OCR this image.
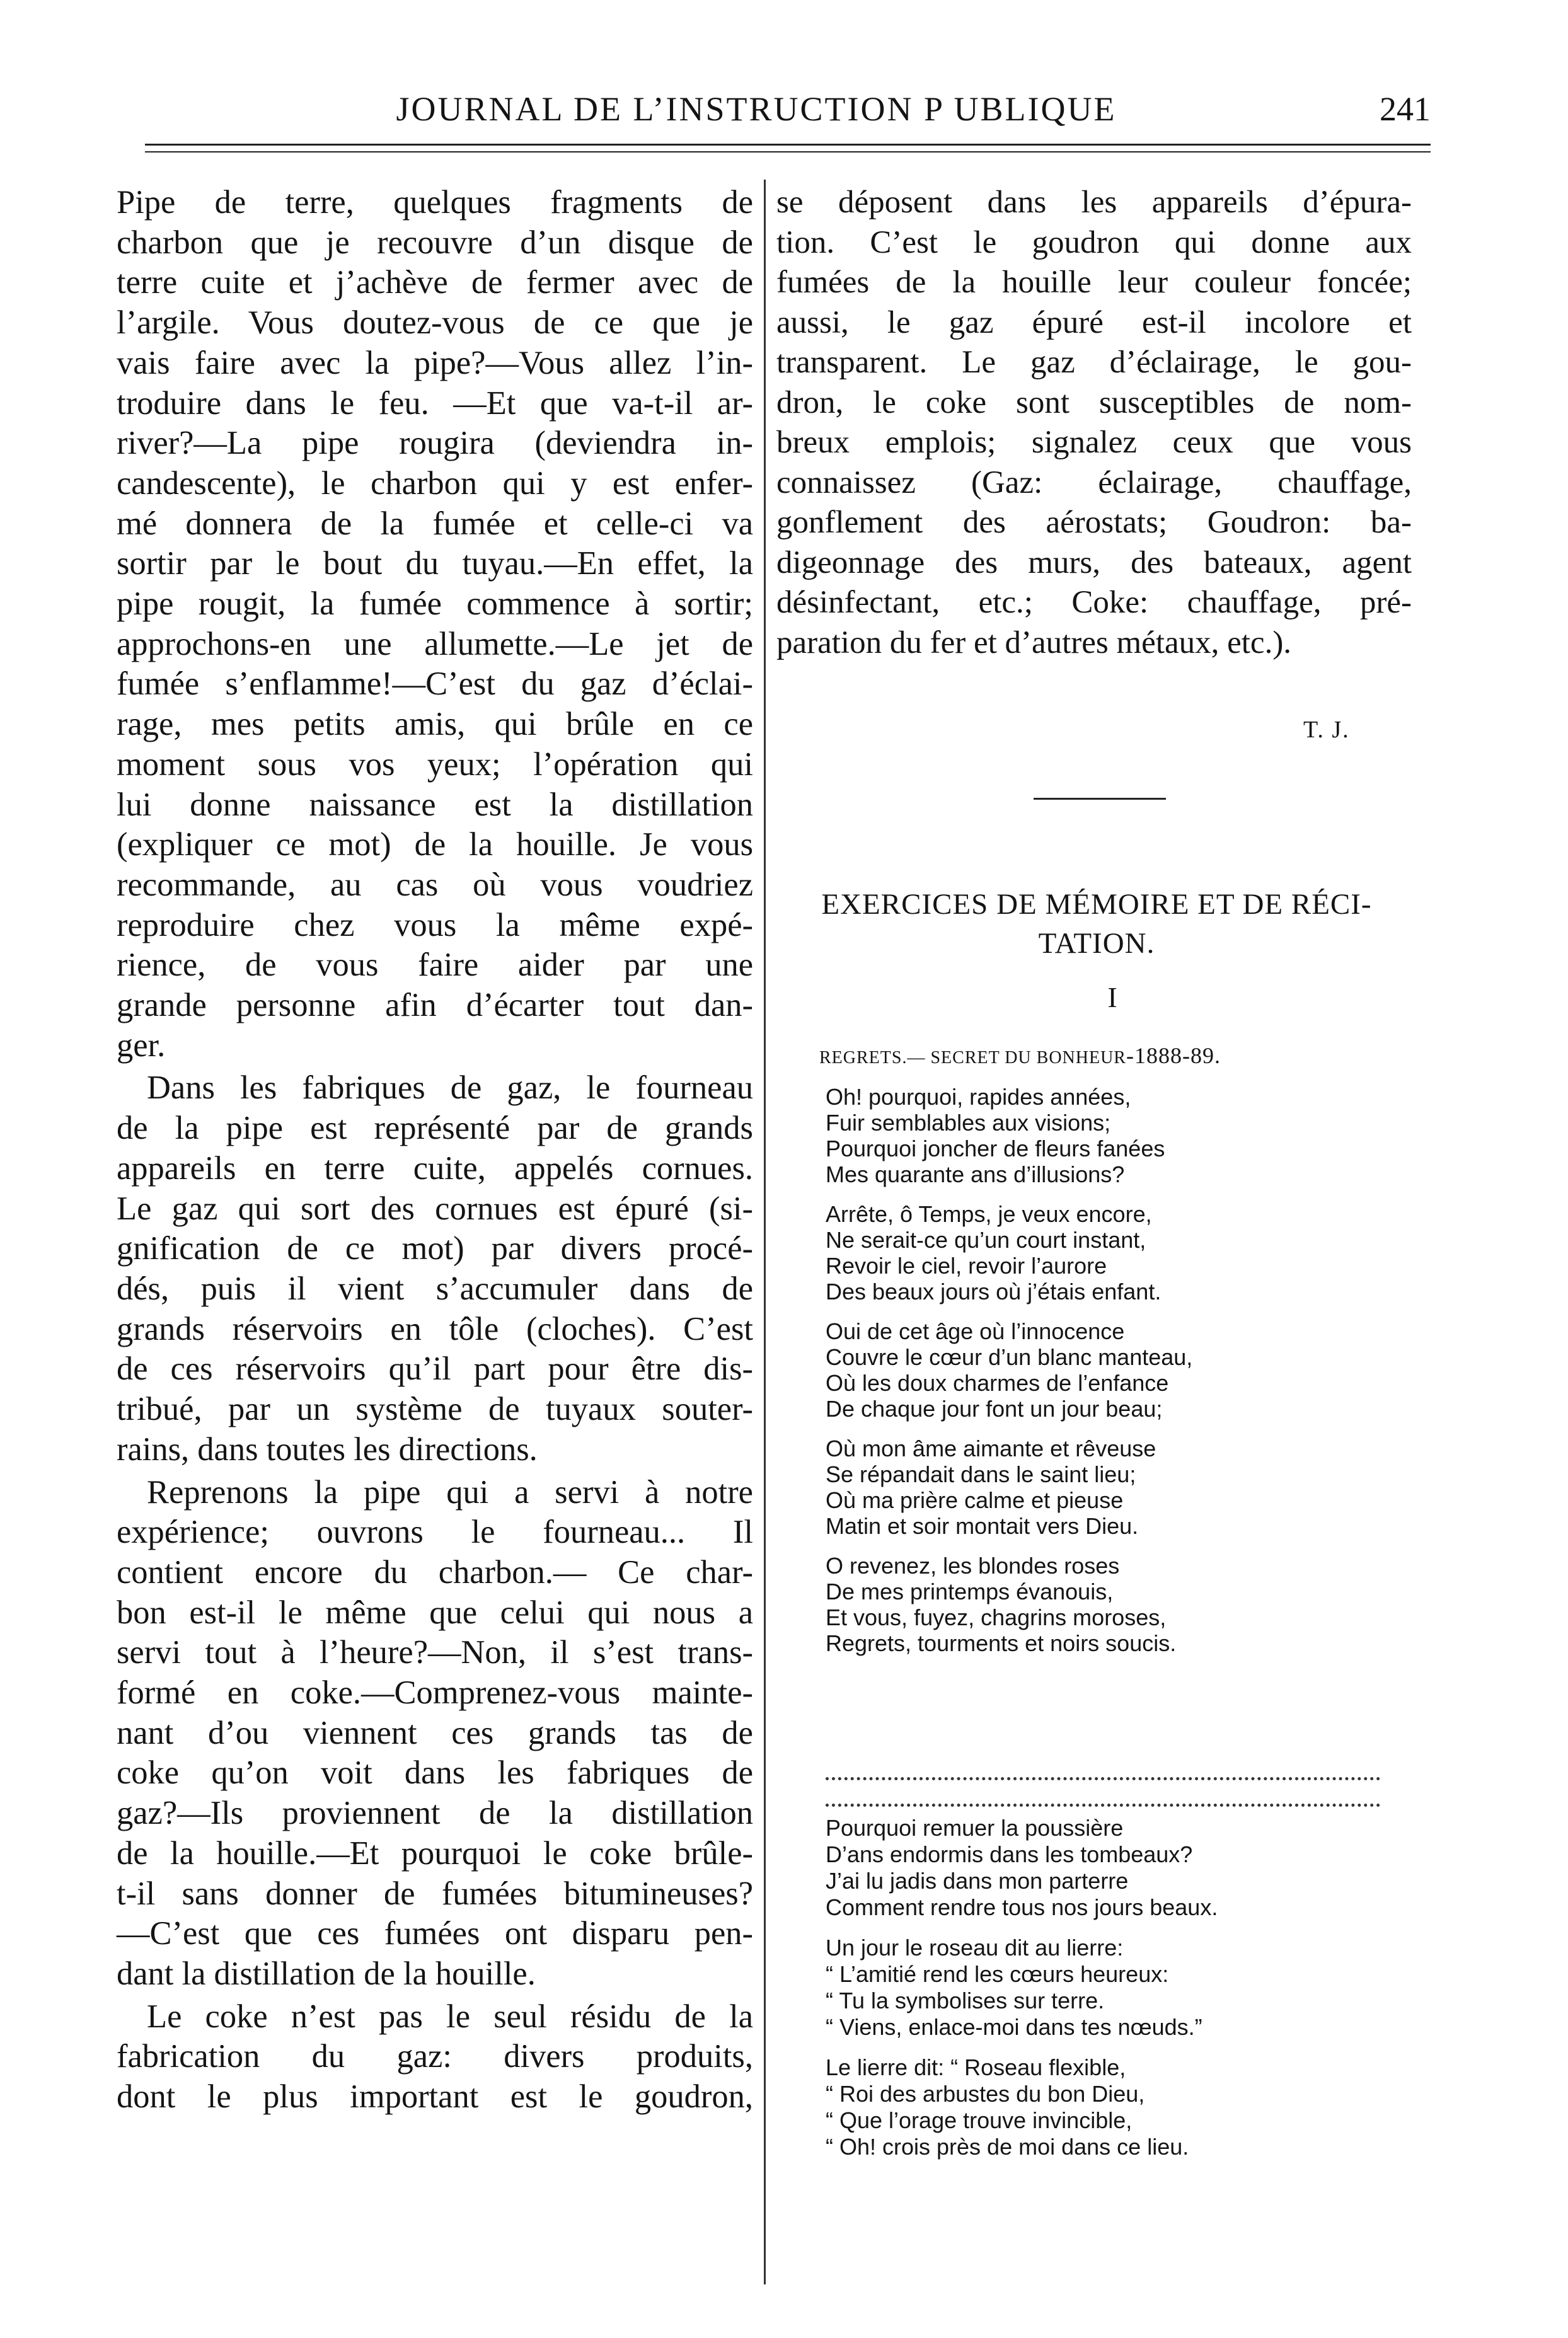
JOURNAL DE L’INSTRUCTION P UBLIQUE	241

Pipe de terre, quelques fragments de

charbon que je recouvre d’un disque de

terre cuite et j’achève de fermer avec de

l’argile. Vous doutez-vous de ce que je

vais faire avec la pipe?—Vous allez l’in-

troduire dans le feu. —Et que va-t-il ar-

river?—La pipe rougira (deviendra in-

candescente), le charbon qui y est enfer-

mé donnera de la fumée et celle-ci va

sortir par le bout du tuyau.—En effet, la

pipe rougit, la fumée commence à sortir;

approchons-en une allumette.—Le jet de

fumée s’enflamme!—C’est du gaz d’éclai-

rage, mes petits amis, qui brûle en ce

moment sous vos yeux; l’opération qui

lui donne naissance est la distillation

(expliquer ce mot) de la houille. Je vous

recommande, au cas où vous voudriez

reproduire chez vous la même expé-

rience, de vous faire aider par une

grande personne afin d’écarter tout dan-

ger.

Dans les fabriques de gaz, le fourneau

de la pipe est représenté par de grands

appareils en terre cuite, appelés cornues.

Le gaz qui sort des cornues est épuré (si-

gnification de ce mot) par divers procé-

dés, puis il vient s’accumuler dans de

grands réservoirs en tôle (cloches). C’est

de ces réservoirs qu’il part pour être dis-

tribué, par un système de tuyaux souter-

rains, dans toutes les directions.

Reprenons la pipe qui a servi à notre

expérience; ouvrons le fourneau... Il

contient encore du charbon.— Ce char-

bon est-il le même que celui qui nous a

servi tout à l’heure?—Non, il s’est trans-

formé en coke.—Comprenez-vous mainte-

nant d’ou viennent ces grands tas de

coke qu’on voit dans les fabriques de

gaz?—Ils proviennent de la distillation

de la houille.—Et pourquoi le coke brûle-

t-il sans donner de fumées bitumineuses?

—C’est que ces fumées ont disparu pen-

dant la distillation de la houille.

Le coke n’est pas le seul résidu de la

fabrication du gaz: divers produits,

dont le plus important est le goudron,

se déposent dans les appareils d’épura-

tion. C’est le goudron qui donne aux

fumées de la houille leur couleur foncée;

aussi, le gaz épuré est-il incolore et

transparent. Le gaz d’éclairage, le gou-

dron, le coke sont susceptibles de nom-

breux emplois; signalez ceux que vous

connaissez (Gaz: éclairage, chauffage,

gonflement des aérostats; Goudron: ba-

digeonnage des murs, des bateaux, agent

désinfectant, etc.; Coke: chauffage, pré-

paration du fer et d’autres métaux, etc.).

T. J.
EXERCICES DE MÉMOIRE ET DE RÉCI-
TATION.
I
REGRETS.— SECRET DU BONHEUR-1888-89.
Oh! pourquoi, rapides années,
Fuir semblables aux visions;
Pourquoi joncher de fleurs fanées
Mes quarante ans d’illusions?
Arrête, ô Temps, je veux encore,
Ne serait-ce qu’un court instant,
Revoir le ciel, revoir l’aurore
Des beaux jours où j’étais enfant.
Oui de cet âge où l’innocence
Couvre le cœur d’un blanc manteau,
Où les doux charmes de l’enfance
De chaque jour font un jour beau;
Où mon âme aimante et rêveuse
Se répandait dans le saint lieu;
Où ma prière calme et pieuse
Matin et soir montait vers Dieu.
O revenez, les blondes roses
De mes printemps évanouis,
Et vous, fuyez, chagrins moroses,
Regrets, tourments et noirs soucis.
Pourquoi remuer la poussière
D’ans endormis dans les tombeaux?
J’ai lu jadis dans mon parterre
Comment rendre tous nos jours beaux.
Un jour le roseau dit au lierre:
“ L’amitié rend les cœurs heureux:
“ Tu la symbolises sur terre.
“ Viens, enlace-moi dans tes nœuds.”
Le lierre dit: “ Roseau flexible,
“ Roi des arbustes du bon Dieu,
“ Que l’orage trouve invincible,
“ Oh! crois près de moi dans ce lieu.
